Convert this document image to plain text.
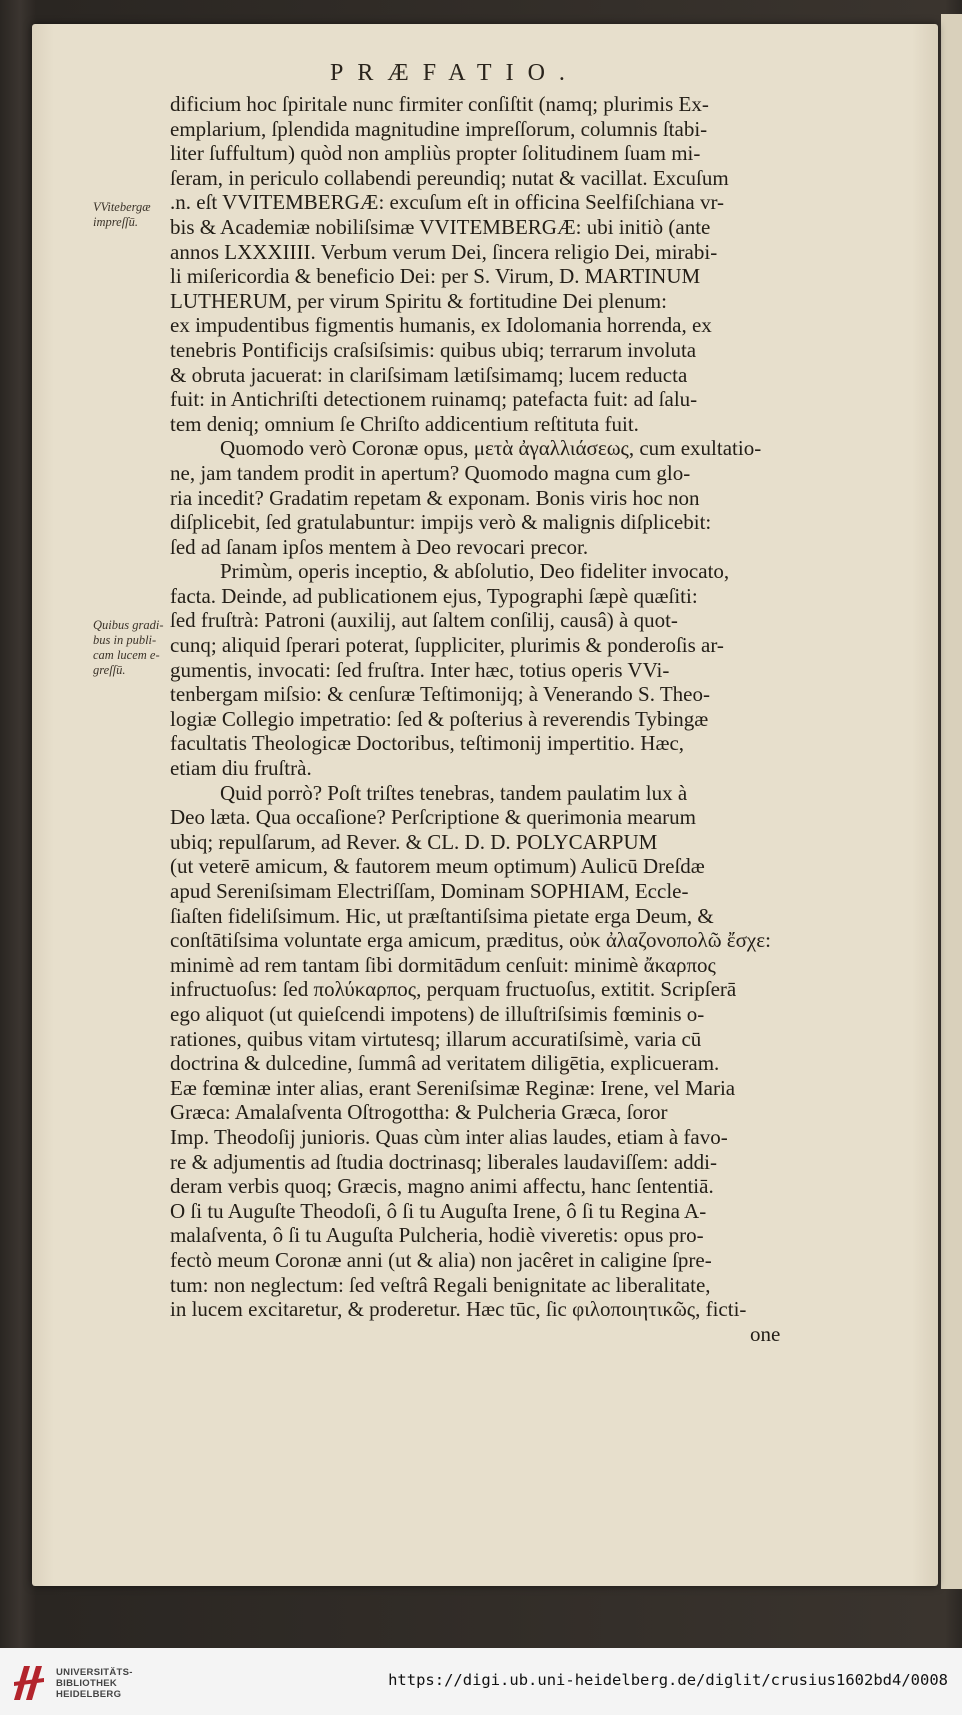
PRÆFATIO.
VVitebergæ
impreſſū.
Quibus gradi-
bus in publi-
cam lucem e-
greſſū.
dificium hoc ſpiritale nunc firmiter conſiſtit (namq; plurimis Ex-
emplarium, ſplendida magnitudine impreſſorum, columnis ſtabi-
liter ſuffultum) quòd non ampliùs propter ſolitudinem ſuam mi-
ſeram, in periculo collabendi pereundiq; nutat & vacillat. Excuſum
.n. eſt VVITEMBERGÆ: excuſum eſt in officina Seelfiſchiana vr-
bis & Academiæ nobiliſsimæ VVITEMBERGÆ: ubi initiò (ante
annos LXXXIIII. Verbum verum Dei, ſincera religio Dei, mirabi-
li miſericordia & beneficio Dei: per S. Virum, D. MARTINUM
LUTHERUM, per virum Spiritu & fortitudine Dei plenum:
ex impudentibus figmentis humanis, ex Idolomania horrenda, ex
tenebris Pontificijs craſsiſsimis: quibus ubiq; terrarum involuta
& obruta jacuerat: in clariſsimam lætiſsimamq; lucem reducta
fuit: in Antichriſti detectionem ruinamq; patefacta fuit: ad ſalu-
tem deniq; omnium ſe Chriſto addicentium reſtituta fuit.
Quomodo verò Coronæ opus, μετὰ ἀγαλλιάσεως, cum exultatio-
ne, jam tandem prodit in apertum? Quomodo magna cum glo-
ria incedit? Gradatim repetam & exponam. Bonis viris hoc non
diſplicebit, ſed gratulabuntur: impijs verò & malignis diſplicebit:
ſed ad ſanam ipſos mentem à Deo revocari precor.
Primùm, operis inceptio, & abſolutio, Deo fideliter invocato,
facta. Deinde, ad publicationem ejus, Typographi ſæpè quæſiti:
ſed fruſtrà: Patroni (auxilij, aut ſaltem conſilij, causâ) à quot-
cunq; aliquid ſperari poterat, ſuppliciter, plurimis & ponderoſis ar-
gumentis, invocati: ſed fruſtra. Inter hæc, totius operis VVi-
tenbergam miſsio: & cenſuræ Teſtimonijq; à Venerando S. Theo-
logiæ Collegio impetratio: ſed & poſterius à reverendis Tybingæ
facultatis Theologicæ Doctoribus, teſtimonij impertitio. Hæc,
etiam diu fruſtrà.
Quid porrò? Poſt triſtes tenebras, tandem paulatim lux à
Deo læta. Qua occaſione? Perſcriptione & querimonia mearum
ubiq; repulſarum, ad Rever. & CL. D. D. POLYCARPUM
(ut veterē amicum, & fautorem meum optimum) Aulicū Dreſdæ
apud Sereniſsimam Electriſſam, Dominam SOPHIAM, Eccle-
ſiaſten fideliſsimum. Hic, ut præſtantiſsima pietate erga Deum, &
conſtātiſsima voluntate erga amicum, præditus, οὐκ ἀλαζονοπολῶ ἔσχε:
minimè ad rem tantam ſibi dormitādum cenſuit: minimè ἄκαρπος
infructuoſus: ſed πολύκαρπος, perquam fructuoſus, extitit. Scripſerā
ego aliquot (ut quieſcendi impotens) de illuſtriſsimis fœminis o-
rationes, quibus vitam virtutesq; illarum accuratiſsimè, varia cū
doctrina & dulcedine, ſummâ ad veritatem diligētia, explicueram.
Eæ fœminæ inter alias, erant Sereniſsimæ Reginæ: Irene, vel Maria
Græca: Amalaſventa Oſtrogottha: & Pulcheria Græca, ſoror
Imp. Theodoſij junioris. Quas cùm inter alias laudes, etiam à favo-
re & adjumentis ad ſtudia doctrinasq; liberales laudaviſſem: addi-
deram verbis quoq; Græcis, magno animi affectu, hanc ſententiā.
O ſi tu Auguſte Theodoſi, ô ſi tu Auguſta Irene, ô ſi tu Regina A-
malaſventa, ô ſi tu Auguſta Pulcheria, hodiè viveretis: opus pro-
fectò meum Coronæ anni (ut & alia) non jacêret in caligine ſpre-
tum: non neglectum: ſed veſtrâ Regali benignitate ac liberalitate,
in lucem excitaretur, & proderetur. Hæc tūc, ſic φιλοποιητικῶς, ficti-
one
UNIVERSITÄTS-
BIBLIOTHEK
HEIDELBERG
https://digi.ub.uni-heidelberg.de/diglit/crusius1602bd4/0008
